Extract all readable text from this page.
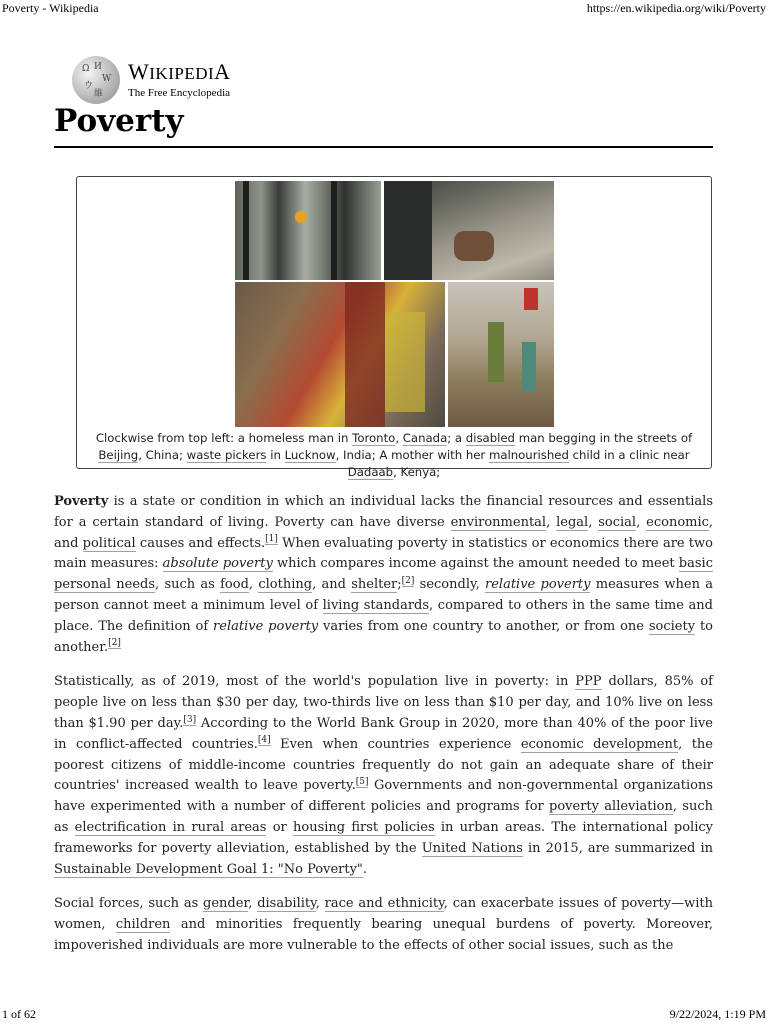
Poverty - Wikipedia	https://en.wikipedia.org/wiki/Poverty
Ω И
W
ウ
維
WIKIPEDIA
The Free Encyclopedia
Poverty
Clockwise from top left: a homeless man in Toronto, Canada; a disabled man begging in the streets of Beijing, China; waste pickers in Lucknow, India; A mother with her malnourished child in a clinic near Dadaab, Kenya;

Poverty is a state or condition in which an individual lacks the financial resources and essentials for a certain standard of living. Poverty can have diverse environmental, legal, social, economic, and political causes and effects.[1] When evaluating poverty in statistics or economics there are two main measures: absolute poverty which compares income against the amount needed to meet basic personal needs, such as food, clothing, and shelter;[2] secondly, relative poverty measures when a person cannot meet a minimum level of living standards, compared to others in the same time and place. The definition of relative poverty varies from one country to another, or from one society to another.[2]

Statistically, as of 2019, most of the world's population live in poverty: in PPP dollars, 85% of people live on less than $30 per day, two-thirds live on less than $10 per day, and 10% live on less than $1.90 per day.[3] According to the World Bank Group in 2020, more than 40% of the poor live in conflict-affected countries.[4] Even when countries experience economic development, the poorest citizens of middle-income countries frequently do not gain an adequate share of their countries' increased wealth to leave poverty.[5] Governments and non-governmental organizations have experimented with a number of different policies and programs for poverty alleviation, such as electrification in rural areas or housing first policies in urban areas. The international policy frameworks for poverty alleviation, established by the United Nations in 2015, are summarized in Sustainable Development Goal 1: "No Poverty".

Social forces, such as gender, disability, race and ethnicity, can exacerbate issues of poverty—with women, children and minorities frequently bearing unequal burdens of poverty. Moreover, impoverished individuals are more vulnerable to the effects of other social issues, such as the

1 of 62	9/22/2024, 1:19 PM
